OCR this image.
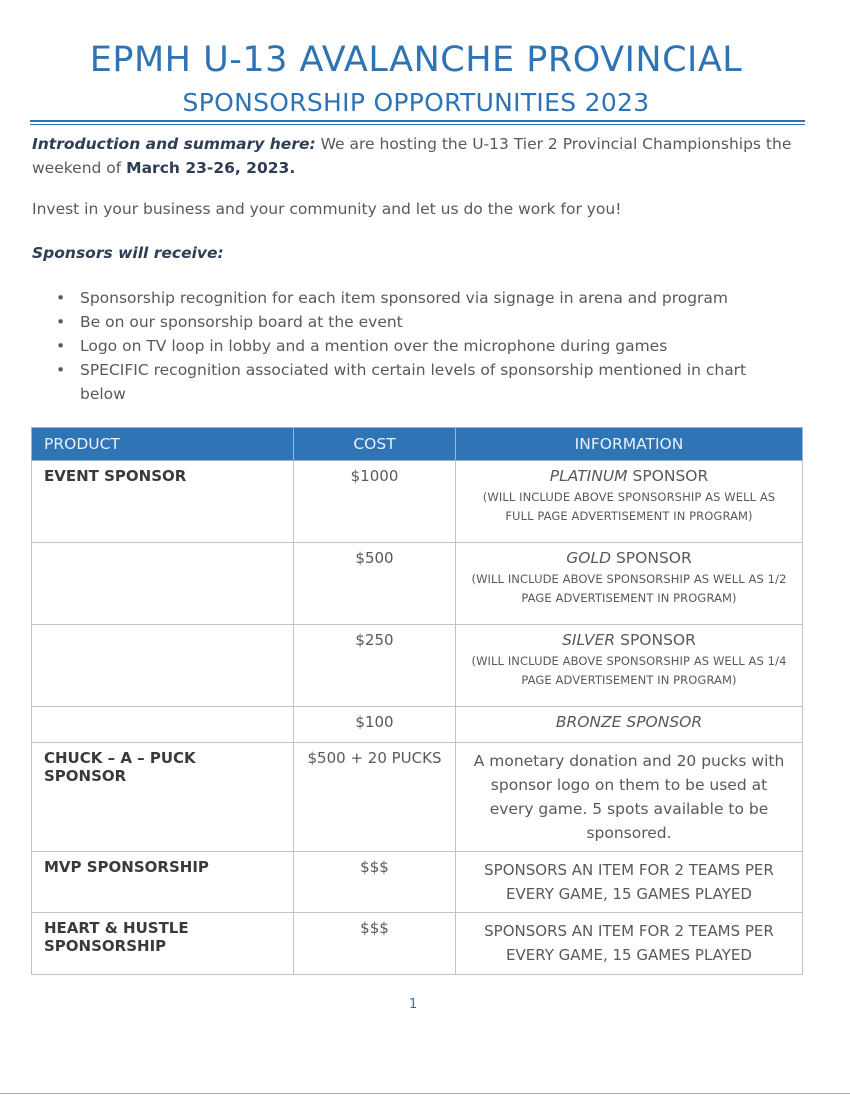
EPMH U-13 AVALANCHE PROVINCIAL
SPONSORSHIP OPPORTUNITIES 2023
Introduction and summary here: We are hosting the U-13 Tier 2 Provincial Championships the weekend of March 23-26, 2023.
Invest in your business and your community and let us do the work for you!
Sponsors will receive:
• Sponsorship recognition for each item sponsored via signage in arena and program
• Be on our sponsorship board at the event
• Logo on TV loop in lobby and a mention over the microphone during games
• SPECIFIC recognition associated with certain levels of sponsorship mentioned in chart below
PRODUCT	COST	INFORMATION
EVENT SPONSOR	$1000	PLATINUM SPONSOR
(WILL INCLUDE ABOVE SPONSORSHIP AS WELL AS FULL PAGE ADVERTISEMENT IN PROGRAM)

	$500	GOLD SPONSOR
(WILL INCLUDE ABOVE SPONSORSHIP AS WELL AS 1/2 PAGE ADVERTISEMENT IN PROGRAM)

	$250	SILVER SPONSOR
(WILL INCLUDE ABOVE SPONSORSHIP AS WELL AS 1/4 PAGE ADVERTISEMENT IN PROGRAM)

	$100	BRONZE SPONSOR
CHUCK – A – PUCK SPONSOR	$500 + 20 PUCKS	A monetary donation and 20 pucks with sponsor logo on them to be used at every game. 5 spots available to be sponsored.
MVP SPONSORSHIP	$$$	SPONSORS AN ITEM FOR 2 TEAMS PER EVERY GAME, 15 GAMES PLAYED
HEART & HUSTLE SPONSORSHIP	$$$	SPONSORS AN ITEM FOR 2 TEAMS PER EVERY GAME, 15 GAMES PLAYED
1
